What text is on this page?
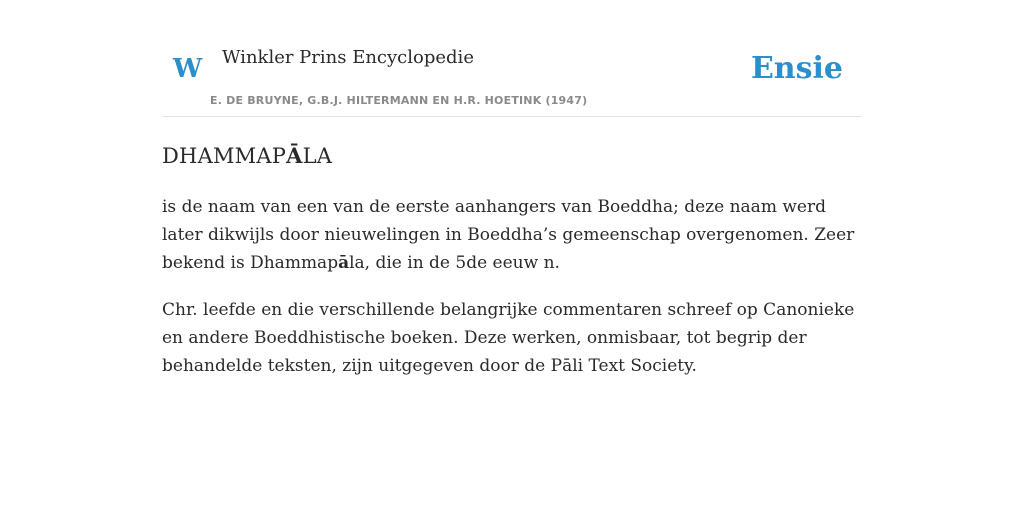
W Winkler Prins Encyclopedie
E. DE BRUYNE, G.B.J. HILTERMANN EN H.R. HOETINK (1947)
Ensie
DHAMMAPĀLA

is de naam van een van de eerste aanhangers van Boeddha; deze naam werd later dikwijls door nieuwelingen in Boeddha’s gemeenschap overgenomen. Zeer bekend is Dhammapāla, die in de 5de eeuw n.

Chr. leefde en die verschillende belangrijke commentaren schreef op Canonieke en andere Boeddhistische boeken. Deze werken, onmisbaar, tot begrip der behandelde teksten, zijn uitgegeven door de Pāli Text Society.
